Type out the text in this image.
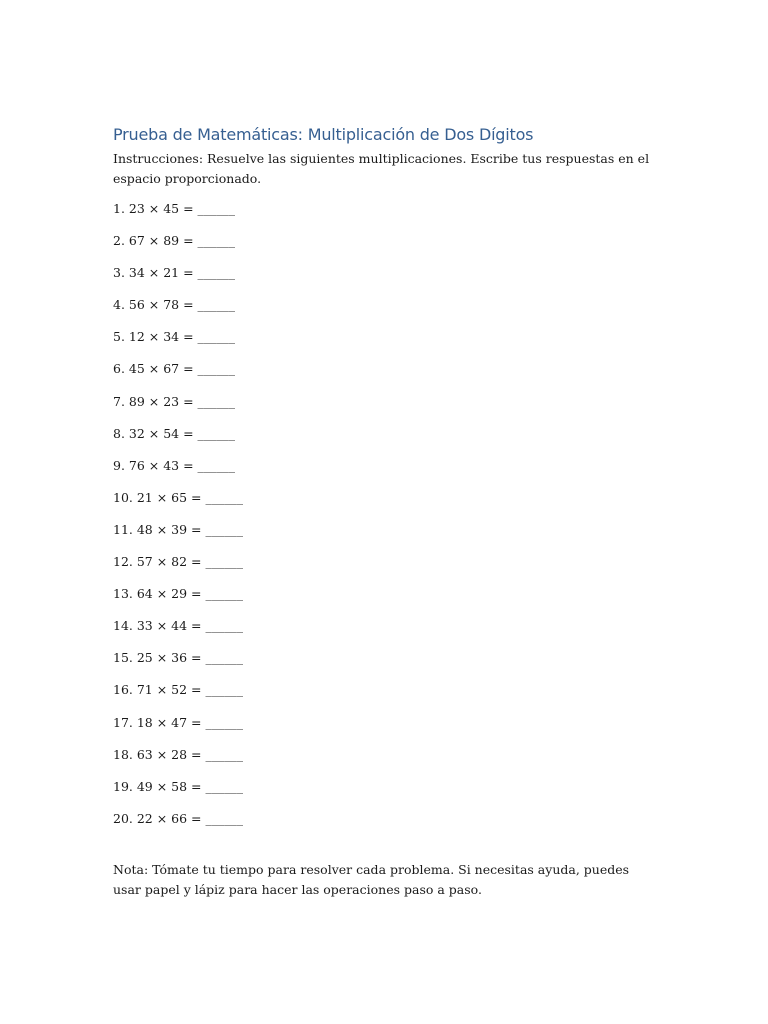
Prueba de Matemáticas: Multiplicación de Dos Dígitos

Instrucciones: Resuelve las siguientes multiplicaciones. Escribe tus respuestas en el espacio proporcionado.

1. 23 × 45 = ______
2. 67 × 89 = ______
3. 34 × 21 = ______
4. 56 × 78 = ______
5. 12 × 34 = ______
6. 45 × 67 = ______
7. 89 × 23 = ______
8. 32 × 54 = ______
9. 76 × 43 = ______
10. 21 × 65 = ______
11. 48 × 39 = ______
12. 57 × 82 = ______
13. 64 × 29 = ______
14. 33 × 44 = ______
15. 25 × 36 = ______
16. 71 × 52 = ______
17. 18 × 47 = ______
18. 63 × 28 = ______
19. 49 × 58 = ______
20. 22 × 66 = ______

Nota: Tómate tu tiempo para resolver cada problema. Si necesitas ayuda, puedes usar papel y lápiz para hacer las operaciones paso a paso.
